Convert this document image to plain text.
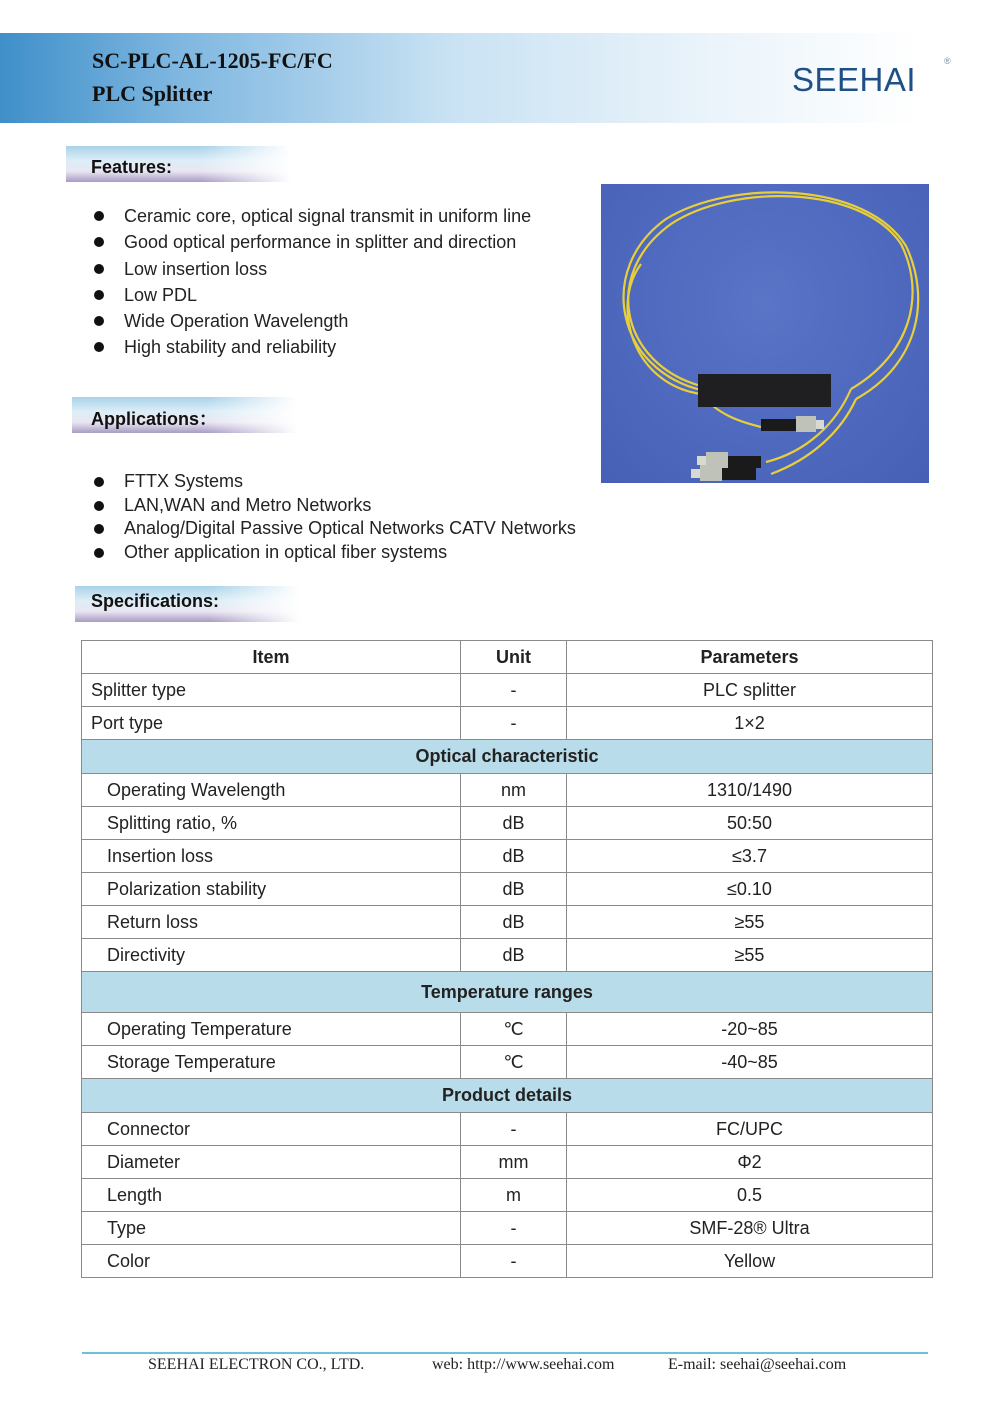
SC-PLC-AL-1205-FC/FC
PLC Splitter	SEEHAI	®
Features:
Ceramic core, optical signal transmit in uniform line
Good optical performance in splitter and direction
Low insertion loss
Low PDL
Wide Operation Wavelength
High stability and reliability
Applications：
FTTX Systems
LAN,WAN and Metro Networks
Analog/Digital Passive Optical Networks CATV Networks
Other application in optical fiber systems
Specifications:
Item	Unit	Parameters
Splitter type	-	PLC splitter
Port type	-	1×2
Optical characteristic		
Operating Wavelength	nm	1310/1490
Splitting ratio, %	dB	50:50
Insertion loss	dB	≤3.7
Polarization stability	dB	≤0.10
Return loss	dB	≥55
Directivity	dB	≥55
Temperature ranges		
Operating Temperature	℃	-20~85
Storage Temperature	℃	-40~85
Product details		
Connector	-	FC/UPC
Diameter	mm	Φ2
Length	m	0.5
Type	-	SMF-28® Ultra
Color	-	Yellow
SEEHAI ELECTRON CO., LTD.	web: http://www.seehai.com	E-mail: seehai@seehai.com
